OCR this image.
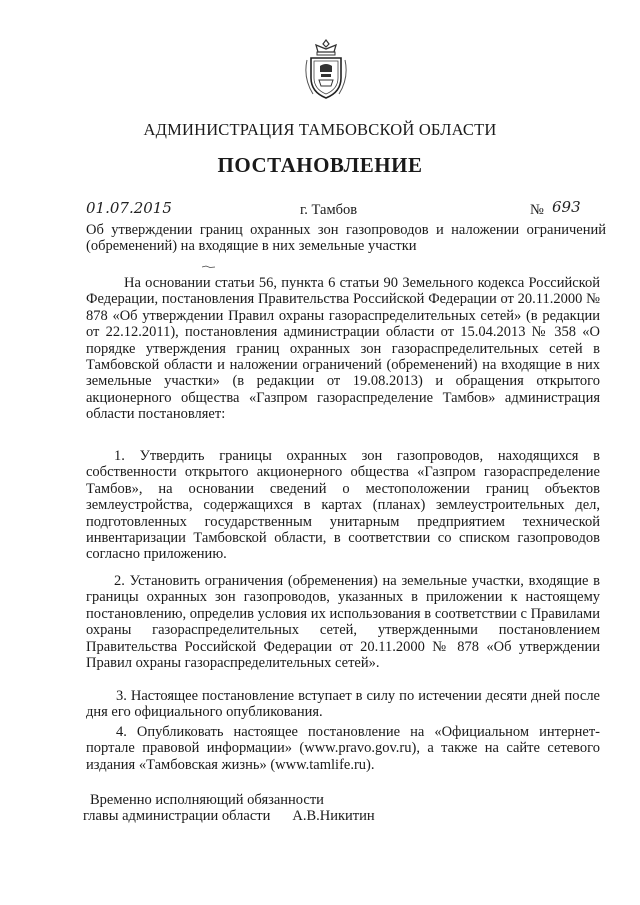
АДМИНИСТРАЦИЯ ТАМБОВСКОЙ ОБЛАСТИ
ПОСТАНОВЛЕНИЕ
01.07.2015	г. Тамбов	№ 693
Об утверждении границ охранных зон газопроводов и наложении ограничений (обременений) на входящие в них земельные участки
На основании статьи 56, пункта 6 статьи 90 Земельного кодекса Российской Федерации, постановления Правительства Российской Федерации от 20.11.2000 № 878 «Об утверждении Правил охраны газораспределительных сетей» (в редакции от 22.12.2011), постановления администрации области от 15.04.2013 № 358 «О порядке утверждения границ охранных зон газораспределительных сетей в Тамбовской области и наложении ограничений (обременений) на входящие в них земельные участки» (в редакции от 19.08.2013) и обращения открытого акционерного общества «Газпром газораспределение Тамбов» администрация области постановляет:
1. Утвердить границы охранных зон газопроводов, находящихся в собственности открытого акционерного общества «Газпром газораспределение Тамбов», на основании сведений о местоположении границ объектов землеустройства, содержащихся в картах (планах) землеустроительных дел, подготовленных государственным унитарным предприятием технической инвентаризации Тамбовской области, в соответствии со списком газопроводов согласно приложению.
2. Установить ограничения (обременения) на земельные участки, входящие в границы охранных зон газопроводов, указанных в приложении к настоящему постановлению, определив условия их использования в соответствии с Правилами охраны газораспределительных сетей, утвержденными постановлением Правительства Российской Федерации от 20.11.2000 № 878 «Об утверждении Правил охраны газораспределительных сетей».
3. Настоящее постановление вступает в силу по истечении десяти дней после дня его официального опубликования.
4. Опубликовать настоящее постановление на «Официальном интернет-портале правовой информации» (www.pravo.gov.ru), а также на сайте сетевого издания «Тамбовская жизнь» (www.tamlife.ru).
Временно исполняющий обязанности
главы администрации области А.В.Никитин
